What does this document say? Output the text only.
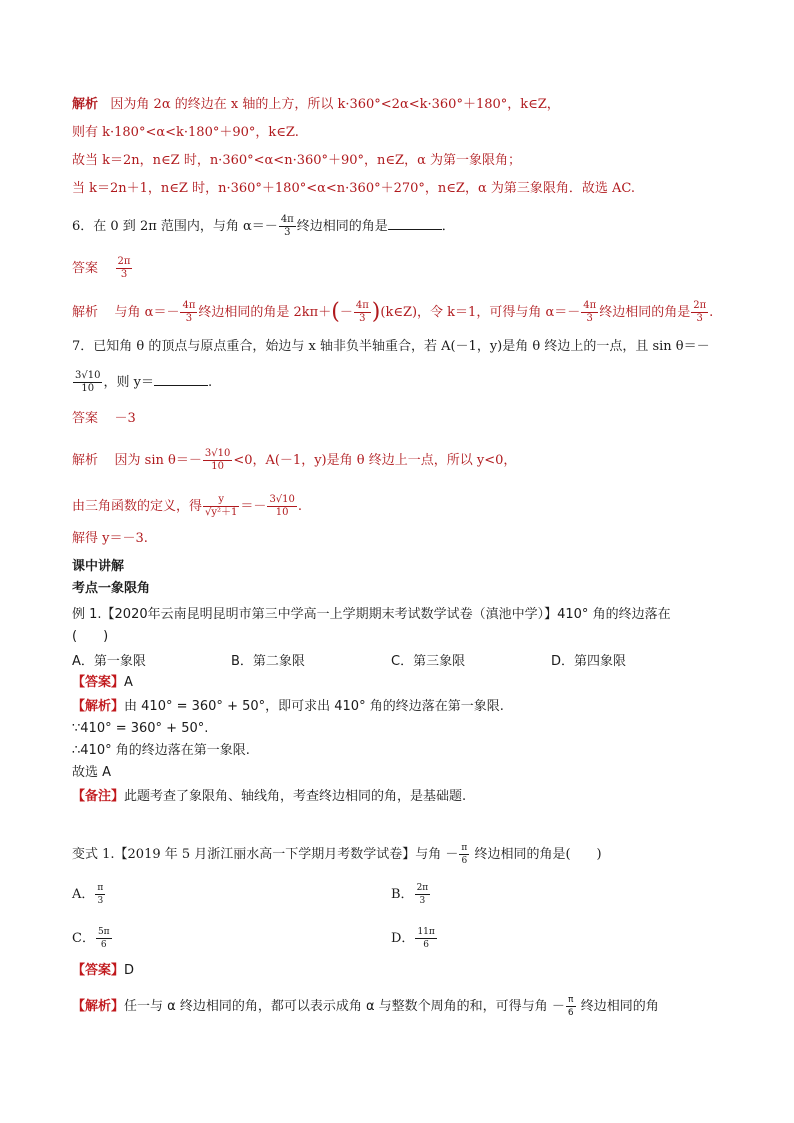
解析 因为角 2α 的终边在 x 轴的上方，所以 k·360°<2α<k·360°＋180°，k∈Z，
则有 k·180°<α<k·180°＋90°，k∈Z.
故当 k＝2n，n∈Z 时，n·360°<α<n·360°＋90°，n∈Z，α 为第一象限角；
当 k＝2n＋1，n∈Z 时，n·360°＋180°<α<n·360°＋270°，n∈Z，α 为第三象限角．故选 AC.
6．在 0 到 2π 范围内，与角 $\alpha=- \frac{4\pi}{3}$ 终边相同的角是	．
答案 $\frac{2\pi}{3}$
解析 与角 $\alpha=- \frac{4\pi}{3}$ 终边相同的角是 $2k\pi+(- \frac{4\pi}{3}$ )(k∈Z)，令 k＝1，可得与角 $\alpha=- \frac{4\pi}{3}$ 终边相同的角是 $\frac{2\pi}{3}$ .
7．已知角 θ 的顶点与原点重合，始边与 x 轴非负半轴重合，若 A(－1，y)是角 θ 终边上的一点，且 sin θ＝－
$\frac{3√10}{10}$ ，则 y＝	.
答案 －3
解析 因为 $\sin \theta=- \frac{3√10}{10} <0$，A(－1，y)是角 θ 终边上一点，所以 y<0，
由三角函数的定义，得 $\frac{y}{\text{√y²＋1}} =- \frac{3√10}{10}$ .
解得 y＝－3.
课中讲解
考点一象限角
例 1.【2020年云南昆明昆明市第三中学高一上学期期末考试数学试卷（滇池中学）】410° 角的终边落在
(　　)
A．第一象限	B．第二象限	C．第三象限	D．第四象限
【答案】A
【解析】由 410° = 360° + 50°，即可求出 410° 角的终边落在第一象限.
∵410° = 360° + 50°.
∴410° 角的终边落在第一象限.
故选 A
【备注】此题考查了象限角、轴线角，考查终边相同的角，是基础题.
变式 1.【2019 年 5 月浙江丽水高一下学期月考数学试卷】与角 － $\frac{\pi}{6}$ 终边相同的角是(　　)
A． $\frac{\pi}{3}$	B． $\frac{2\pi}{3}$
C． $\frac{5\pi}{6}$	D． $\frac{11\pi}{6}$
【答案】D
【解析】任一与 α 终边相同的角，都可以表示成角 α 与整数个周角的和，可得与角 － $\frac{\pi}{6}$ 终边相同的角
